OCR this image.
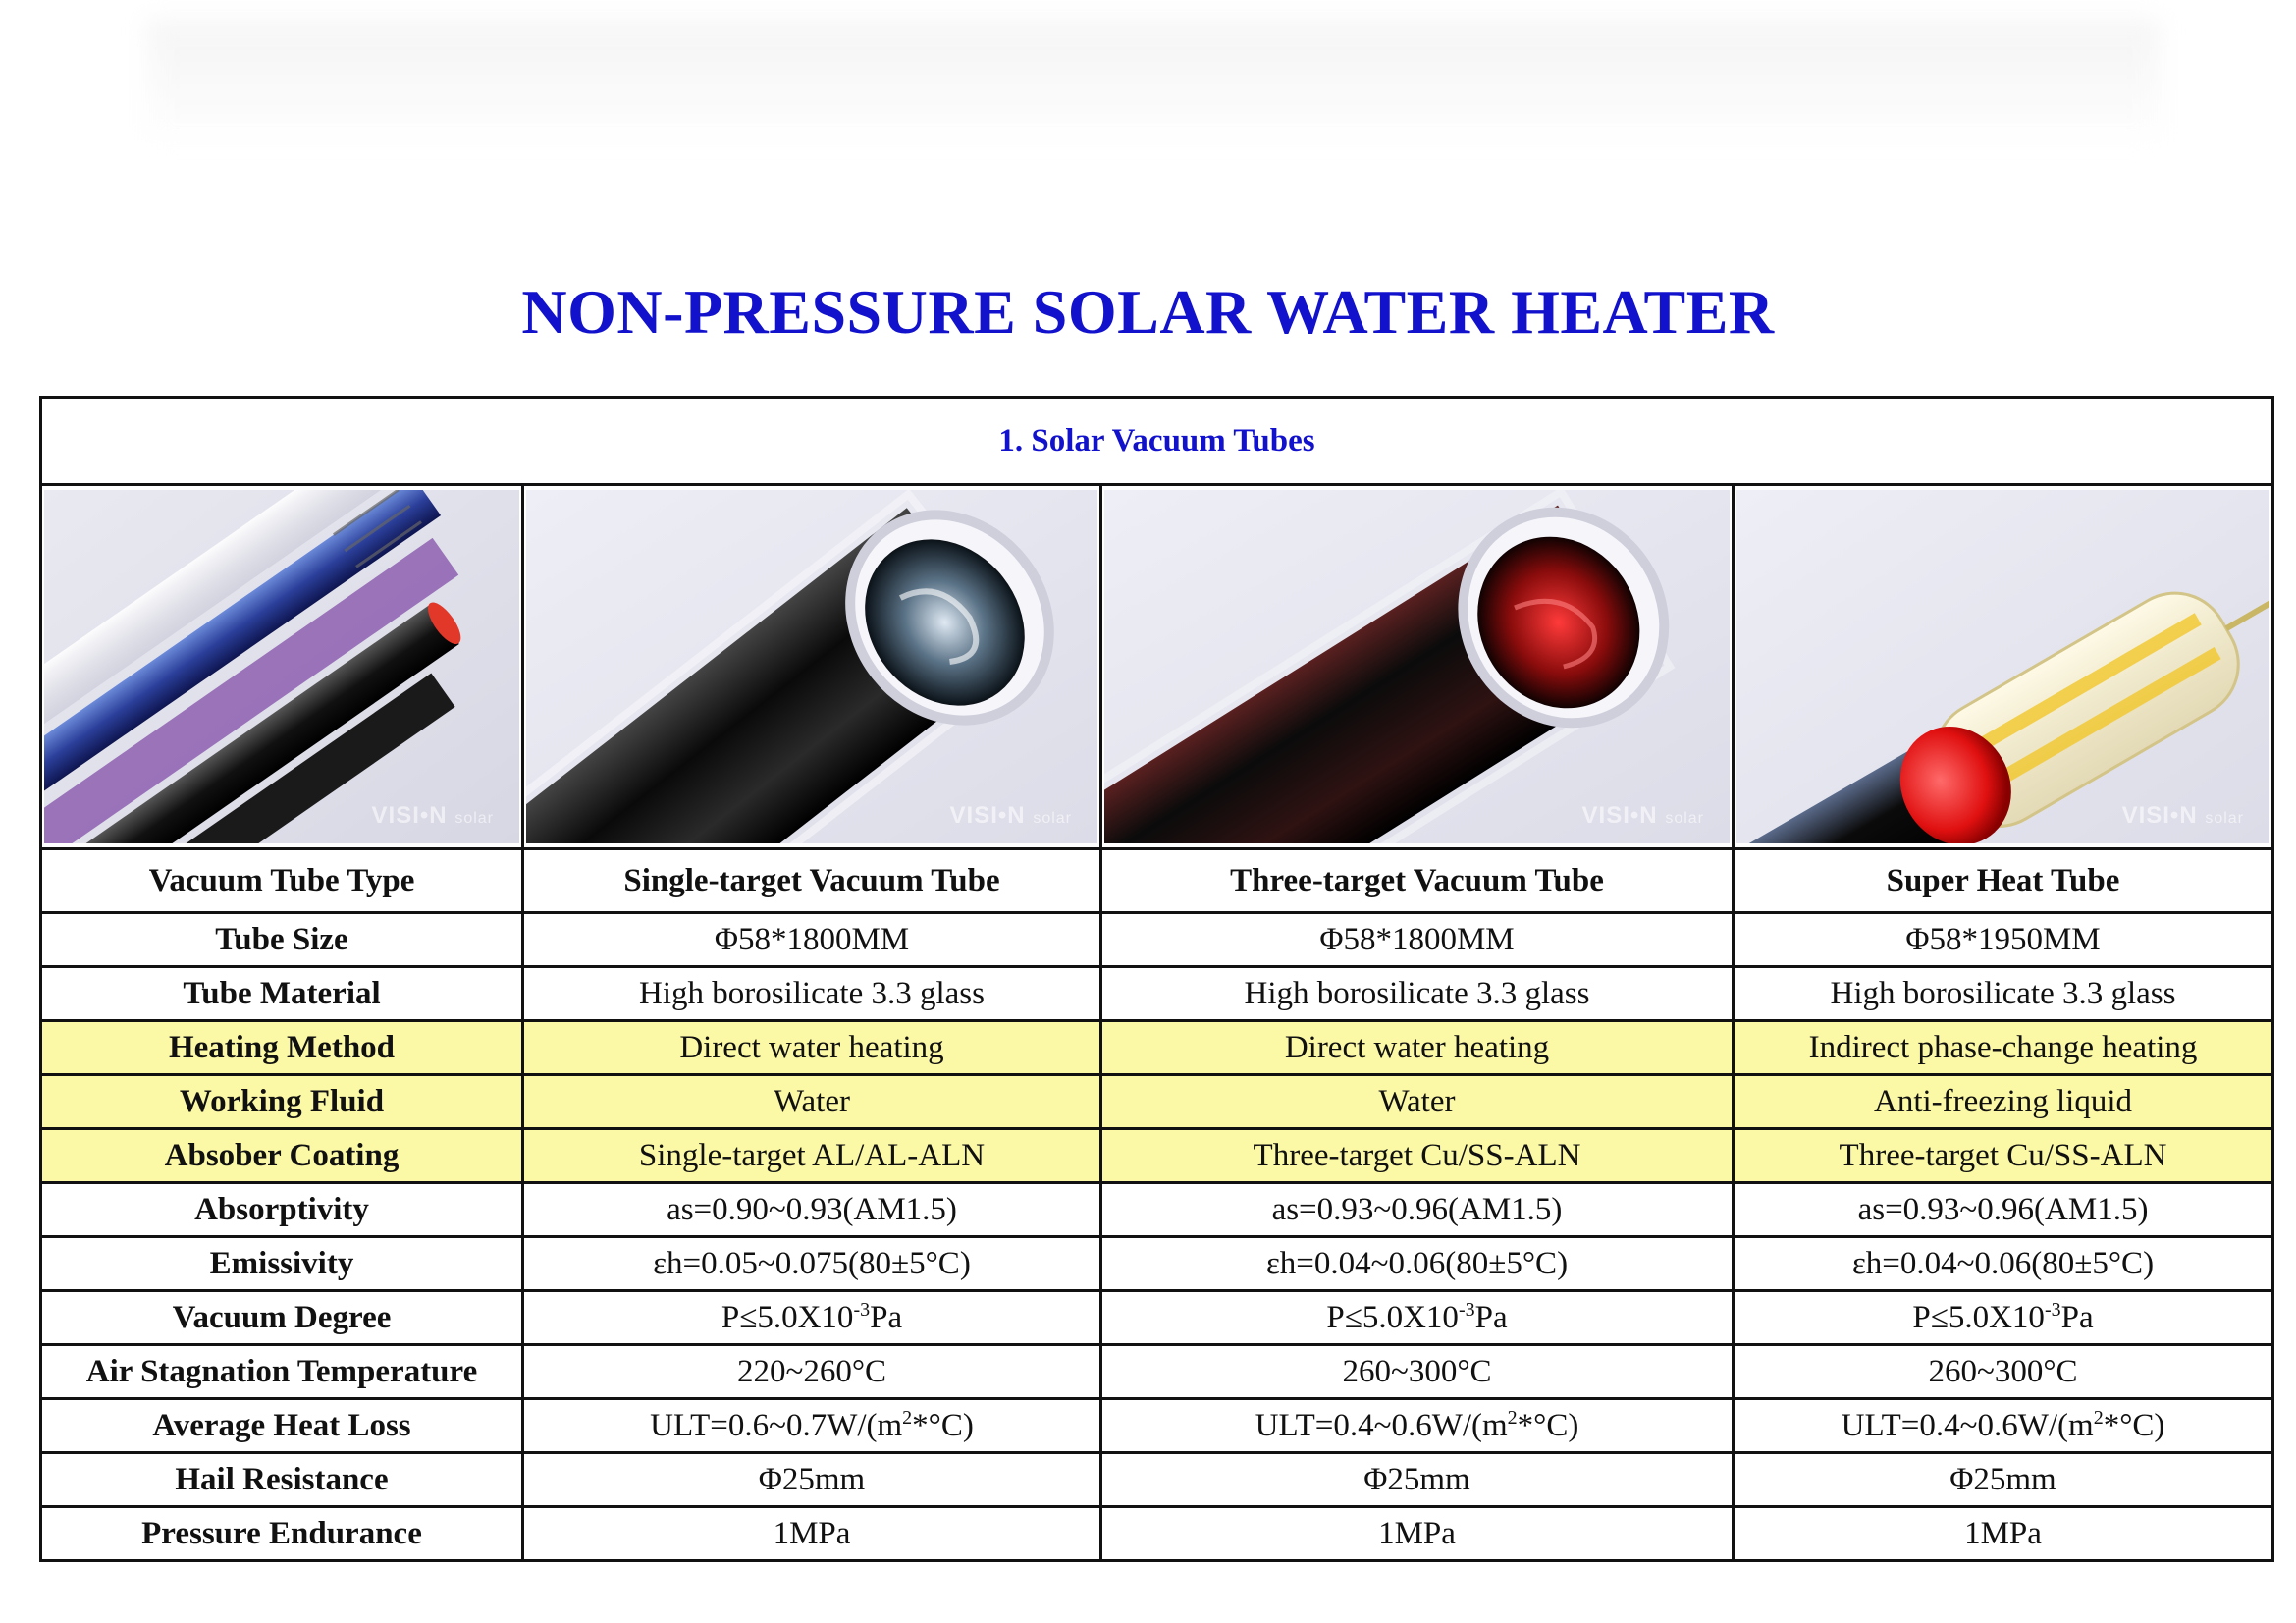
NON-PRESSURE SOLAR WATER HEATER
1. Solar Vacuum Tubes			

VISI•N solar	VISI•N solar	VISI•N solar	VISI•N solar

Vacuum Tube Type	Single-target Vacuum Tube	Three-target Vacuum Tube	Super Heat Tube
Tube Size	Φ58*1800MM	Φ58*1800MM	Φ58*1950MM
Tube Material	High borosilicate 3.3 glass	High borosilicate 3.3 glass	High borosilicate 3.3 glass
Heating Method	Direct water heating	Direct water heating	Indirect phase-change heating
Working Fluid	Water	Water	Anti-freezing liquid
Absober Coating	Single-target AL/AL-ALN	Three-target Cu/SS-ALN	Three-target Cu/SS-ALN
Absorptivity	as=0.90~0.93(AM1.5)	as=0.93~0.96(AM1.5)	as=0.93~0.96(AM1.5)
Emissivity	εh=0.05~0.075(80±5°C)	εh=0.04~0.06(80±5°C)	εh=0.04~0.06(80±5°C)
Vacuum Degree	$P\le 5.0X10^{-3}Pa$	$P\le 5.0X10^{-3}Pa$	$P\le 5.0X10^{-3}Pa$
Air Stagnation Temperature	220~260°C	260~300°C	260~300°C
Average Heat Loss	$ULT=0.6\sim 0.7W/(m^2*^\circ C)$	$ULT=0.4\sim 0.6W/(m^2*^\circ C)$	$ULT=0.4\sim 0.6W/(m^2*^\circ C)$
Hail Resistance	Φ25mm	Φ25mm	Φ25mm
Pressure Endurance	1MPa	1MPa	1MPa
